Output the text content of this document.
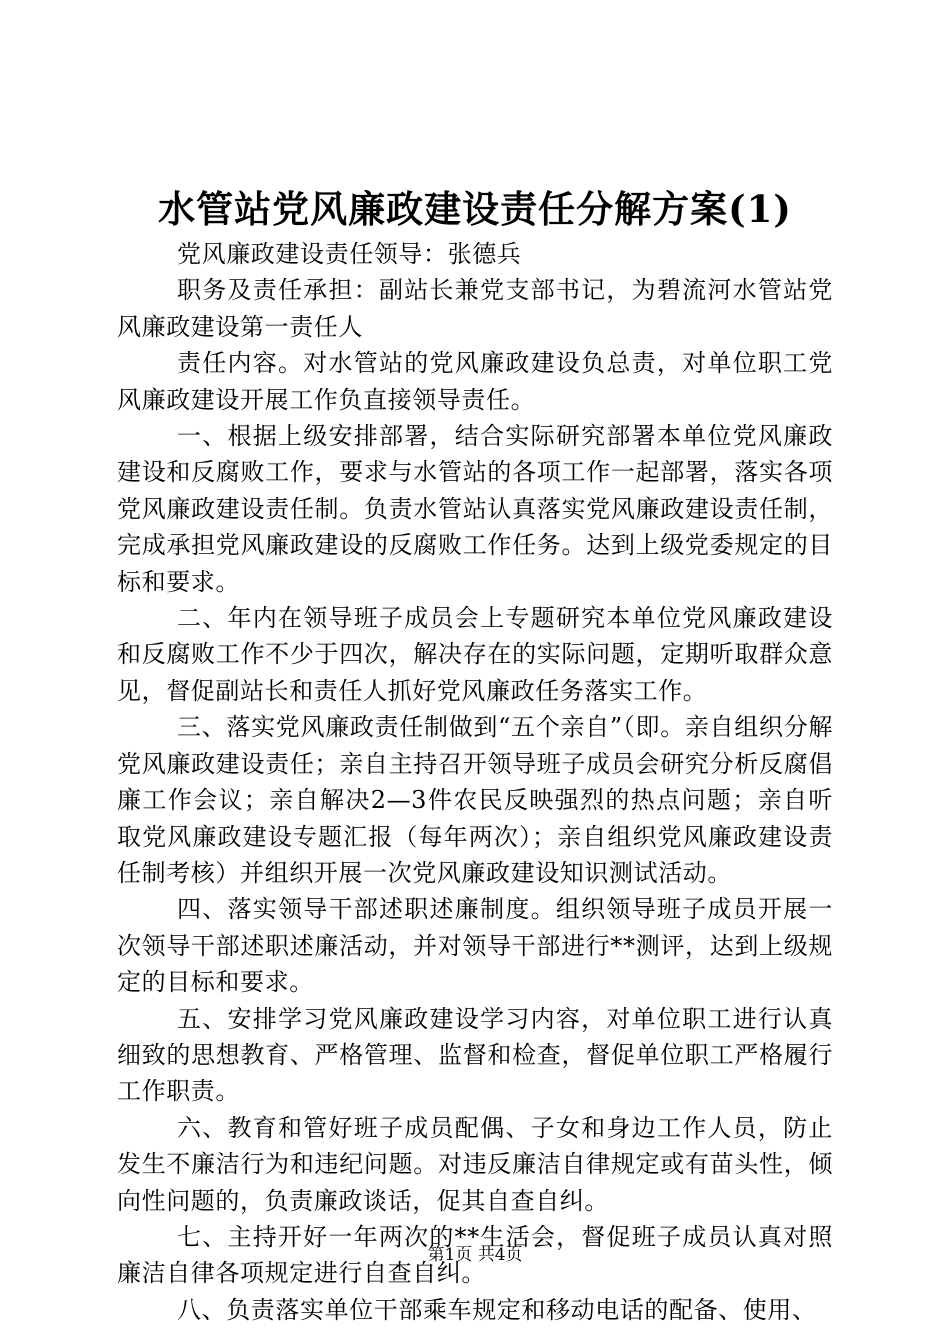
水管站党风廉政建设责任分解方案(1)

党风廉政建设责任领导：张德兵

职务及责任承担：副站长兼党支部书记，为碧流河水管站党风廉政建设第一责任人

责任内容。对水管站的党风廉政建设负总责，对单位职工党风廉政建设开展工作负直接领导责任。

一、根据上级安排部署，结合实际研究部署本单位党风廉政建设和反腐败工作，要求与水管站的各项工作一起部署，落实各项党风廉政建设责任制。负责水管站认真落实党风廉政建设责任制，完成承担党风廉政建设的反腐败工作任务。达到上级党委规定的目标和要求。

二、年内在领导班子成员会上专题研究本单位党风廉政建设和反腐败工作不少于四次，解决存在的实际问题，定期听取群众意见，督促副站长和责任人抓好党风廉政任务落实工作。

三、落实党风廉政责任制做到“五个亲自”（即。亲自组织分解党风廉政建设责任；亲自主持召开领导班子成员会研究分析反腐倡廉工作会议；亲自解决2—3件农民反映强烈的热点问题；亲自听取党风廉政建设专题汇报（每年两次）；亲自组织党风廉政建设责任制考核）并组织开展一次党风廉政建设知识测试活动。

四、落实领导干部述职述廉制度。组织领导班子成员开展一次领导干部述职述廉活动，并对领导干部进行**测评，达到上级规定的目标和要求。

五、安排学习党风廉政建设学习内容，对单位职工进行认真细致的思想教育、严格管理、监督和检查，督促单位职工严格履行工作职责。

六、教育和管好班子成员配偶、子女和身边工作人员，防止发生不廉洁行为和违纪问题。对违反廉洁自律规定或有苗头性，倾向性问题的，负责廉政谈话，促其自查自纠。

七、主持开好一年两次的**生活会，督促班子成员认真对照廉洁自律各项规定进行自查自纠。

八、负责落实单位干部乘车规定和移动电话的配备、使用、

第1页 共4页
